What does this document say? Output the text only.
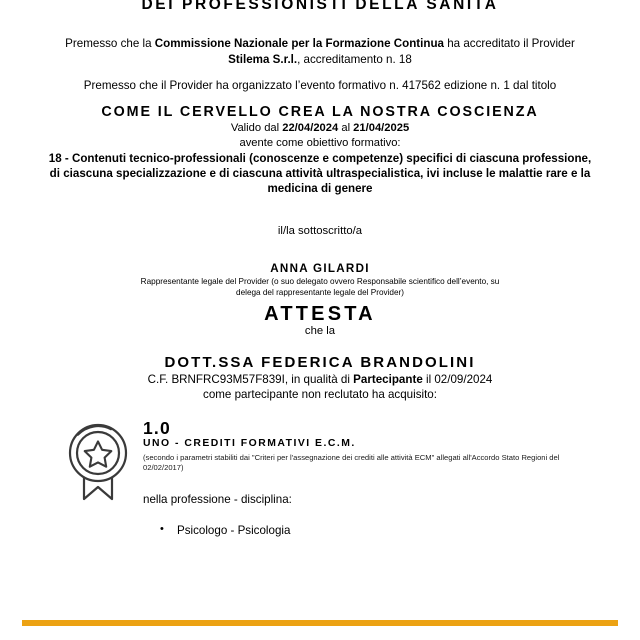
DEI PROFESSIONISTI DELLA SANITA

Premesso che la Commissione Nazionale per la Formazione Continua ha accreditato il Provider

Stilema S.r.l., accreditamento n. 18

Premesso che il Provider ha organizzato l’evento formativo n. 417562 edizione n. 1 dal titolo

COME IL CERVELLO CREA LA NOSTRA COSCIENZA

Valido dal 22/04/2024 al 21/04/2025

avente come obiettivo formativo:

18 - Contenuti tecnico-professionali (conoscenze e competenze) specifici di ciascuna professione, di ciascuna specializzazione e di ciascuna attività ultraspecialistica, ivi incluse le malattie rare e la medicina di genere

il/la sottoscritto/a

ANNA GILARDI

Rappresentante legale del Provider (o suo delegato ovvero Responsabile scientifico dell’evento, su delega del rappresentante legale del Provider)

ATTESTA

che la

DOTT.SSA FEDERICA BRANDOLINI

C.F. BRNFRC93M57F839I, in qualità di Partecipante il 02/09/2024

come partecipante non reclutato ha acquisito:

1.0

UNO - CREDITI FORMATIVI E.C.M.

(secondo i parametri stabiliti dai "Criteri per l'assegnazione dei crediti alle attività ECM" allegati all'Accordo Stato Regioni del 02/02/2017)

nella professione - disciplina:

• Psicologo - Psicologia
